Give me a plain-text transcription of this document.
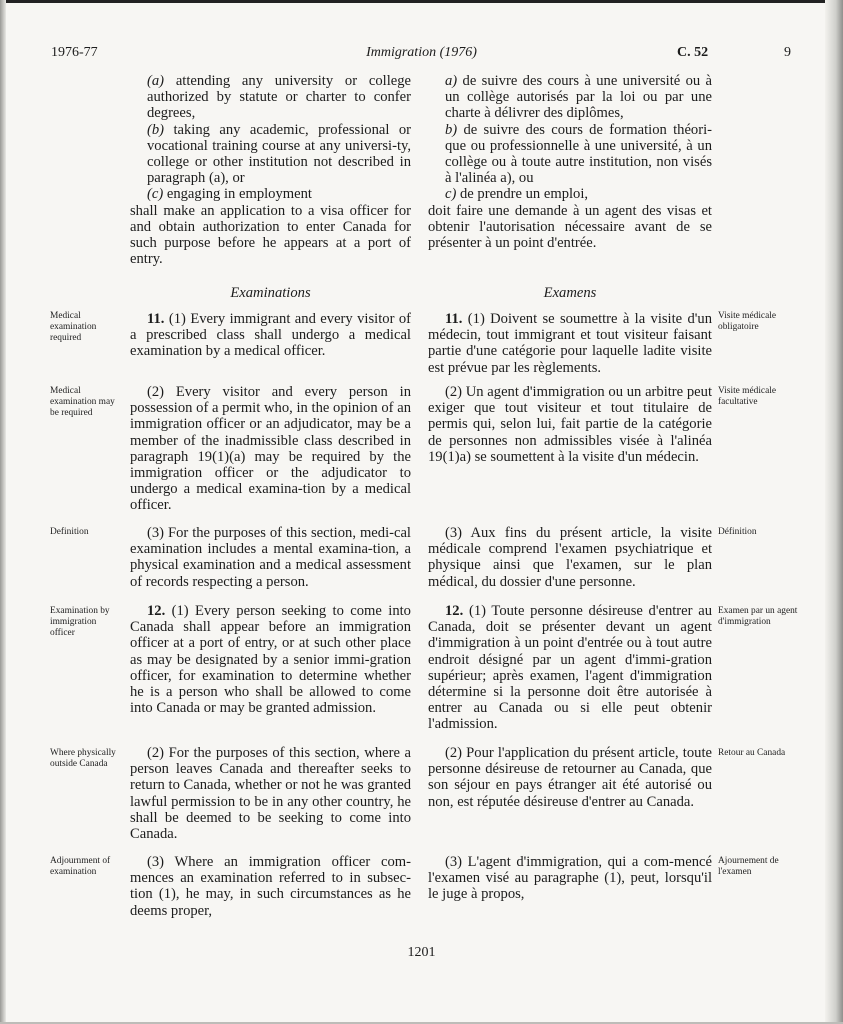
1976-77	Immigration (1976)	C. 52	9

(a) attending any university or college authorized by statute or charter to confer degrees,

(b) taking any academic, professional or vocational training course at any universi-ty, college or other institution not described in paragraph (a), or

(c) engaging in employment

shall make an application to a visa officer for and obtain authorization to enter Canada for such purpose before he appears at a port of entry.

Examinations
11. (1) Every immigrant and every visitor of a prescribed class shall undergo a medical examination by a medical officer.
(2) Every visitor and every person in possession of a permit who, in the opinion of an immigration officer or an adjudicator, may be a member of the inadmissible class described in paragraph 19(1)(a) may be required by the immigration officer or the adjudicator to undergo a medical examina-tion by a medical officer.
(3) For the purposes of this section, medi-cal examination includes a mental examina-tion, a physical examination and a medical assessment of records respecting a person.
12. (1) Every person seeking to come into Canada shall appear before an immigration officer at a port of entry, or at such other place as may be designated by a senior immi-gration officer, for examination to determine whether he is a person who shall be allowed to come into Canada or may be granted admission.
(2) For the purposes of this section, where a person leaves Canada and thereafter seeks to return to Canada, whether or not he was granted lawful permission to be in any other country, he shall be deemed to be seeking to come into Canada.
(3) Where an immigration officer com-mences an examination referred to in subsec-tion (1), he may, in such circumstances as he deems proper,

a) de suivre des cours à une université ou à un collège autorisés par la loi ou par une charte à délivrer des diplômes,

b) de suivre des cours de formation théori-que ou professionnelle à une université, à un collège ou à toute autre institution, non visés à l'alinéa a), ou

c) de prendre un emploi,

doit faire une demande à un agent des visas et obtenir l'autorisation nécessaire avant de se présenter à un point d'entrée.

Examens
11. (1) Doivent se soumettre à la visite d'un médecin, tout immigrant et tout visiteur faisant partie d'une catégorie pour laquelle ladite visite est prévue par les règlements.
(2) Un agent d'immigration ou un arbitre peut exiger que tout visiteur et tout titulaire de permis qui, selon lui, fait partie de la catégorie de personnes non admissibles visée à l'alinéa 19(1)a) se soumettent à la visite d'un médecin.
(3) Aux fins du présent article, la visite médicale comprend l'examen psychiatrique et physique ainsi que l'examen, sur le plan médical, du dossier d'une personne.
12. (1) Toute personne désireuse d'entrer au Canada, doit se présenter devant un agent d'immigration à un point d'entrée ou à tout autre endroit désigné par un agent d'immi-gration supérieur; après examen, l'agent d'immigration détermine si la personne doit être autorisée à entrer au Canada ou si elle peut obtenir l'admission.
(2) Pour l'application du présent article, toute personne désireuse de retourner au Canada, que son séjour en pays étranger ait été autorisé ou non, est réputée désireuse d'entrer au Canada.
(3) L'agent d'immigration, qui a com-mencé l'examen visé au paragraphe (1), peut, lorsqu'il le juge à propos,
Medical examination required
Medical examination may be required
Definition
Examination by immigration officer
Where physically outside Canada
Adjournment of examination
Visite médicale obligatoire
Visite médicale facultative
Définition
Examen par un agent d'immigration
Retour au Canada
Ajournement de l'examen
1201
